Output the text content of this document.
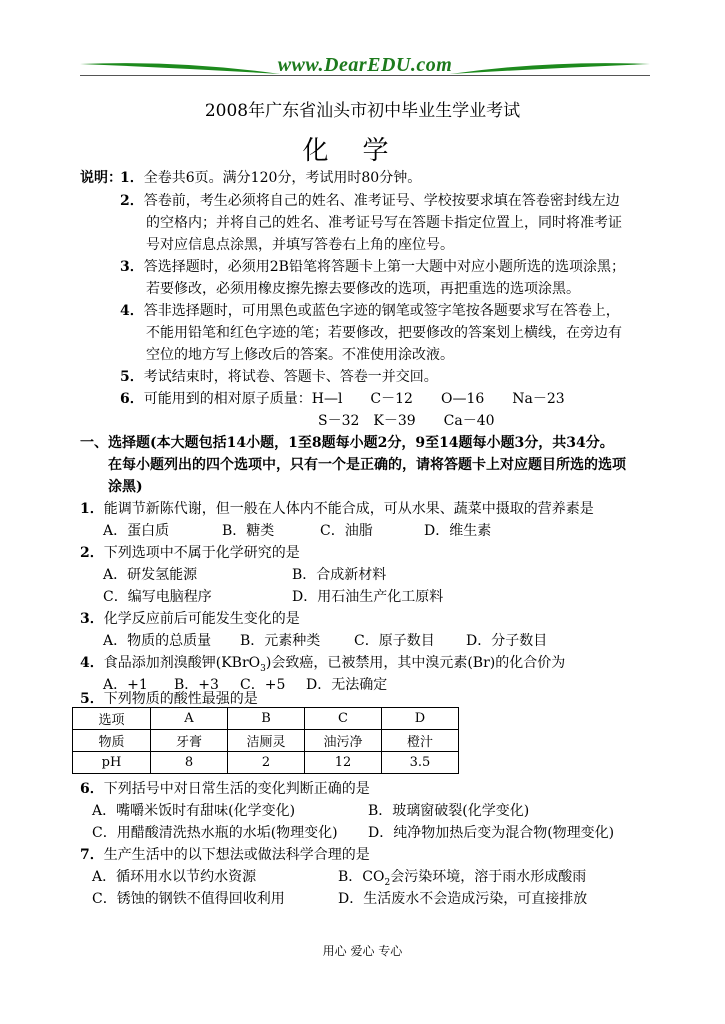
www.DearEDU.com
2008年广东省汕头市初中毕业生学业考试
化学
说明：
1．全卷共6页。满分120分，考试用时80分钟。
2．答卷前，考生必须将自己的姓名、准考证号、学校按要求填在答卷密封线左边
的空格内；并将自己的姓名、准考证号写在答题卡指定位置上，同时将准考证
号对应信息点涂黑，并填写答卷右上角的座位号。
3．答选择题时，必须用2B铅笔将答题卡上第一大题中对应小题所选的选项涂黑；
若要修改，必须用橡皮擦先擦去要修改的选项，再把重选的选项涂黑。
4．答非选择题时，可用黑色或蓝色字迹的钢笔或签字笔按各题要求写在答卷上，
不能用铅笔和红色字迹的笔；若要修改，把要修改的答案划上横线，在旁边有
空位的地方写上修改后的答案。不准使用涂改液。
5．考试结束时，将试卷、答题卡、答卷一并交回。
6．可能用到的相对原子质量：H—l　　C－12　　O—16　　Na－23
S－32　K－39　　Ca－40
一、选择题(本大题包括14小题，1至8题每小题2分，9至14题每小题3分，共34分。
在每小题列出的四个选项中，只有一个是正确的，请将答题卡上对应题目所选的选项
涂黑)
1．能调节新陈代谢，但一般在人体内不能合成，可从水果、蔬菜中摄取的营养素是
A．蛋白质	B．糖类	C．油脂	D．维生素
2．下列选项中不属于化学研究的是
A．研发氢能源	B．合成新材料
C．编写电脑程序	D．用石油生产化工原料
3．化学反应前后可能发生变化的是
A．物质的总质量 B．元素种类 C．原子数目 D．分子数目
4．食品添加剂溴酸钾(KBrO$_3$)会致癌，已被禁用，其中溴元素(Br)的化合价为
A．+1 B．+3 C．+5 D．无法确定
5．下列物质的酸性最强的是
选项	A	B	C	D
物质	牙膏	洁厕灵	油污净	橙汁
pH	8	2	12	3.5
6．下列括号中对日常生活的变化判断正确的是
A．嘴嚼米饭时有甜味(化学变化)	B．玻璃窗破裂(化学变化)
C．用醋酸清洗热水瓶的水垢(物理变化) D．纯净物加热后变为混合物(物理变化)
7．生产生活中的以下想法或做法科学合理的是
A．循环用水以节约水资源	B．$CO_2$会污染环境，溶于雨水形成酸雨
C．锈蚀的钢铁不值得回收利用	D．生活废水不会造成污染，可直接排放
用心 爱心 专心
